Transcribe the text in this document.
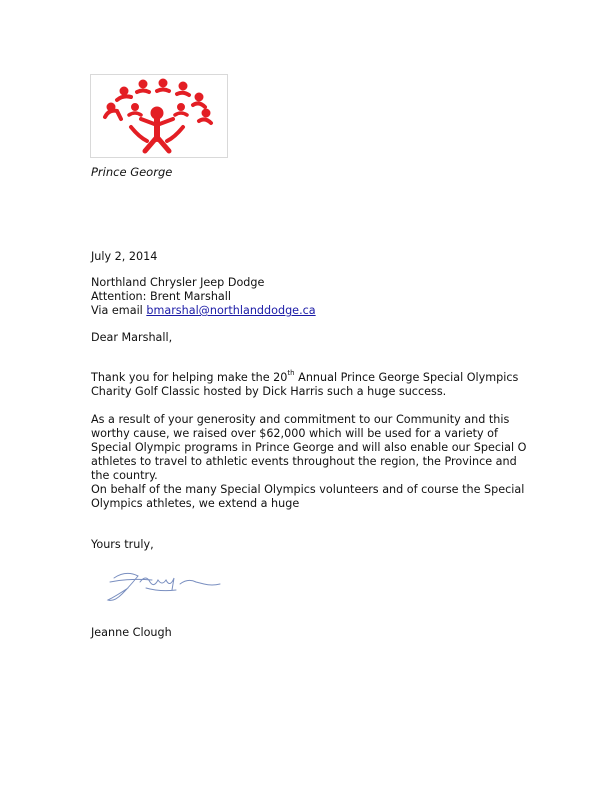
Prince George
July 2, 2014
Northland Chrysler Jeep Dodge
Attention: Brent Marshall
Via email bmarshal@northlanddodge.ca
Dear Marshall,

Thank you for helping make the 20th Annual Prince George Special Olympics Charity Golf Classic hosted by Dick Harris such a huge success.

As a result of your generosity and commitment to our Community and this worthy cause, we raised over $62,000 which will be used for a variety of Special Olympic programs in Prince George and will also enable our Special O athletes to travel to athletic events throughout the region, the Province and the country.

On behalf of the many Special Olympics volunteers and of course the Special Olympics athletes, we extend a huge

Yours truly,
Jeanne Clough
